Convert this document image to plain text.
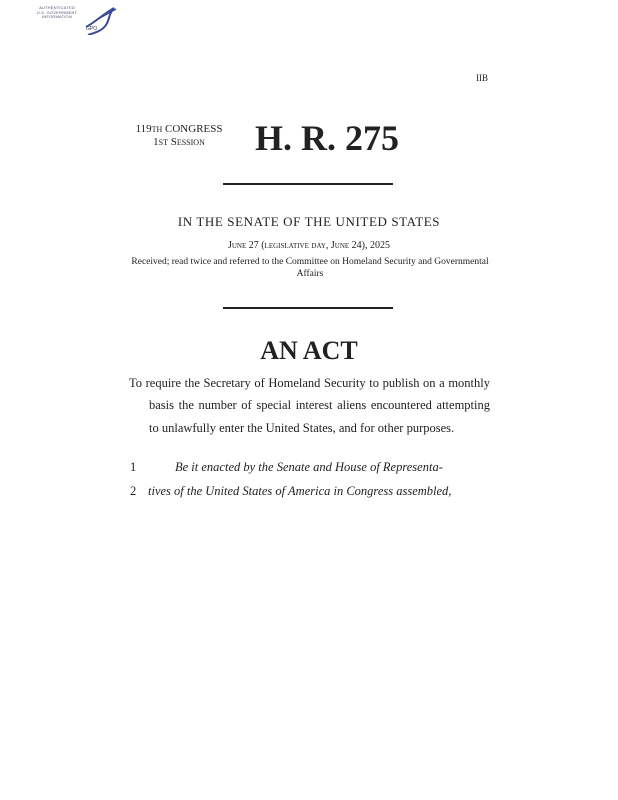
AUTHENTICATED
U.S. GOVERNMENT
INFORMATION
GPO
IIB
119th CONGRESS
1st Session	H. R. 275
IN THE SENATE OF THE UNITED STATES
June 27 (legislative day, June 24), 2025
Received; read twice and referred to the Committee on Homeland Security and Governmental Affairs
AN ACT
To require the Secretary of Homeland Security to publish on a monthly basis the number of special interest aliens encountered attempting to unlawfully enter the United States, and for other purposes.
1	Be it enacted by the Senate and House of Representa-
2 tives of the United States of America in Congress assembled,
